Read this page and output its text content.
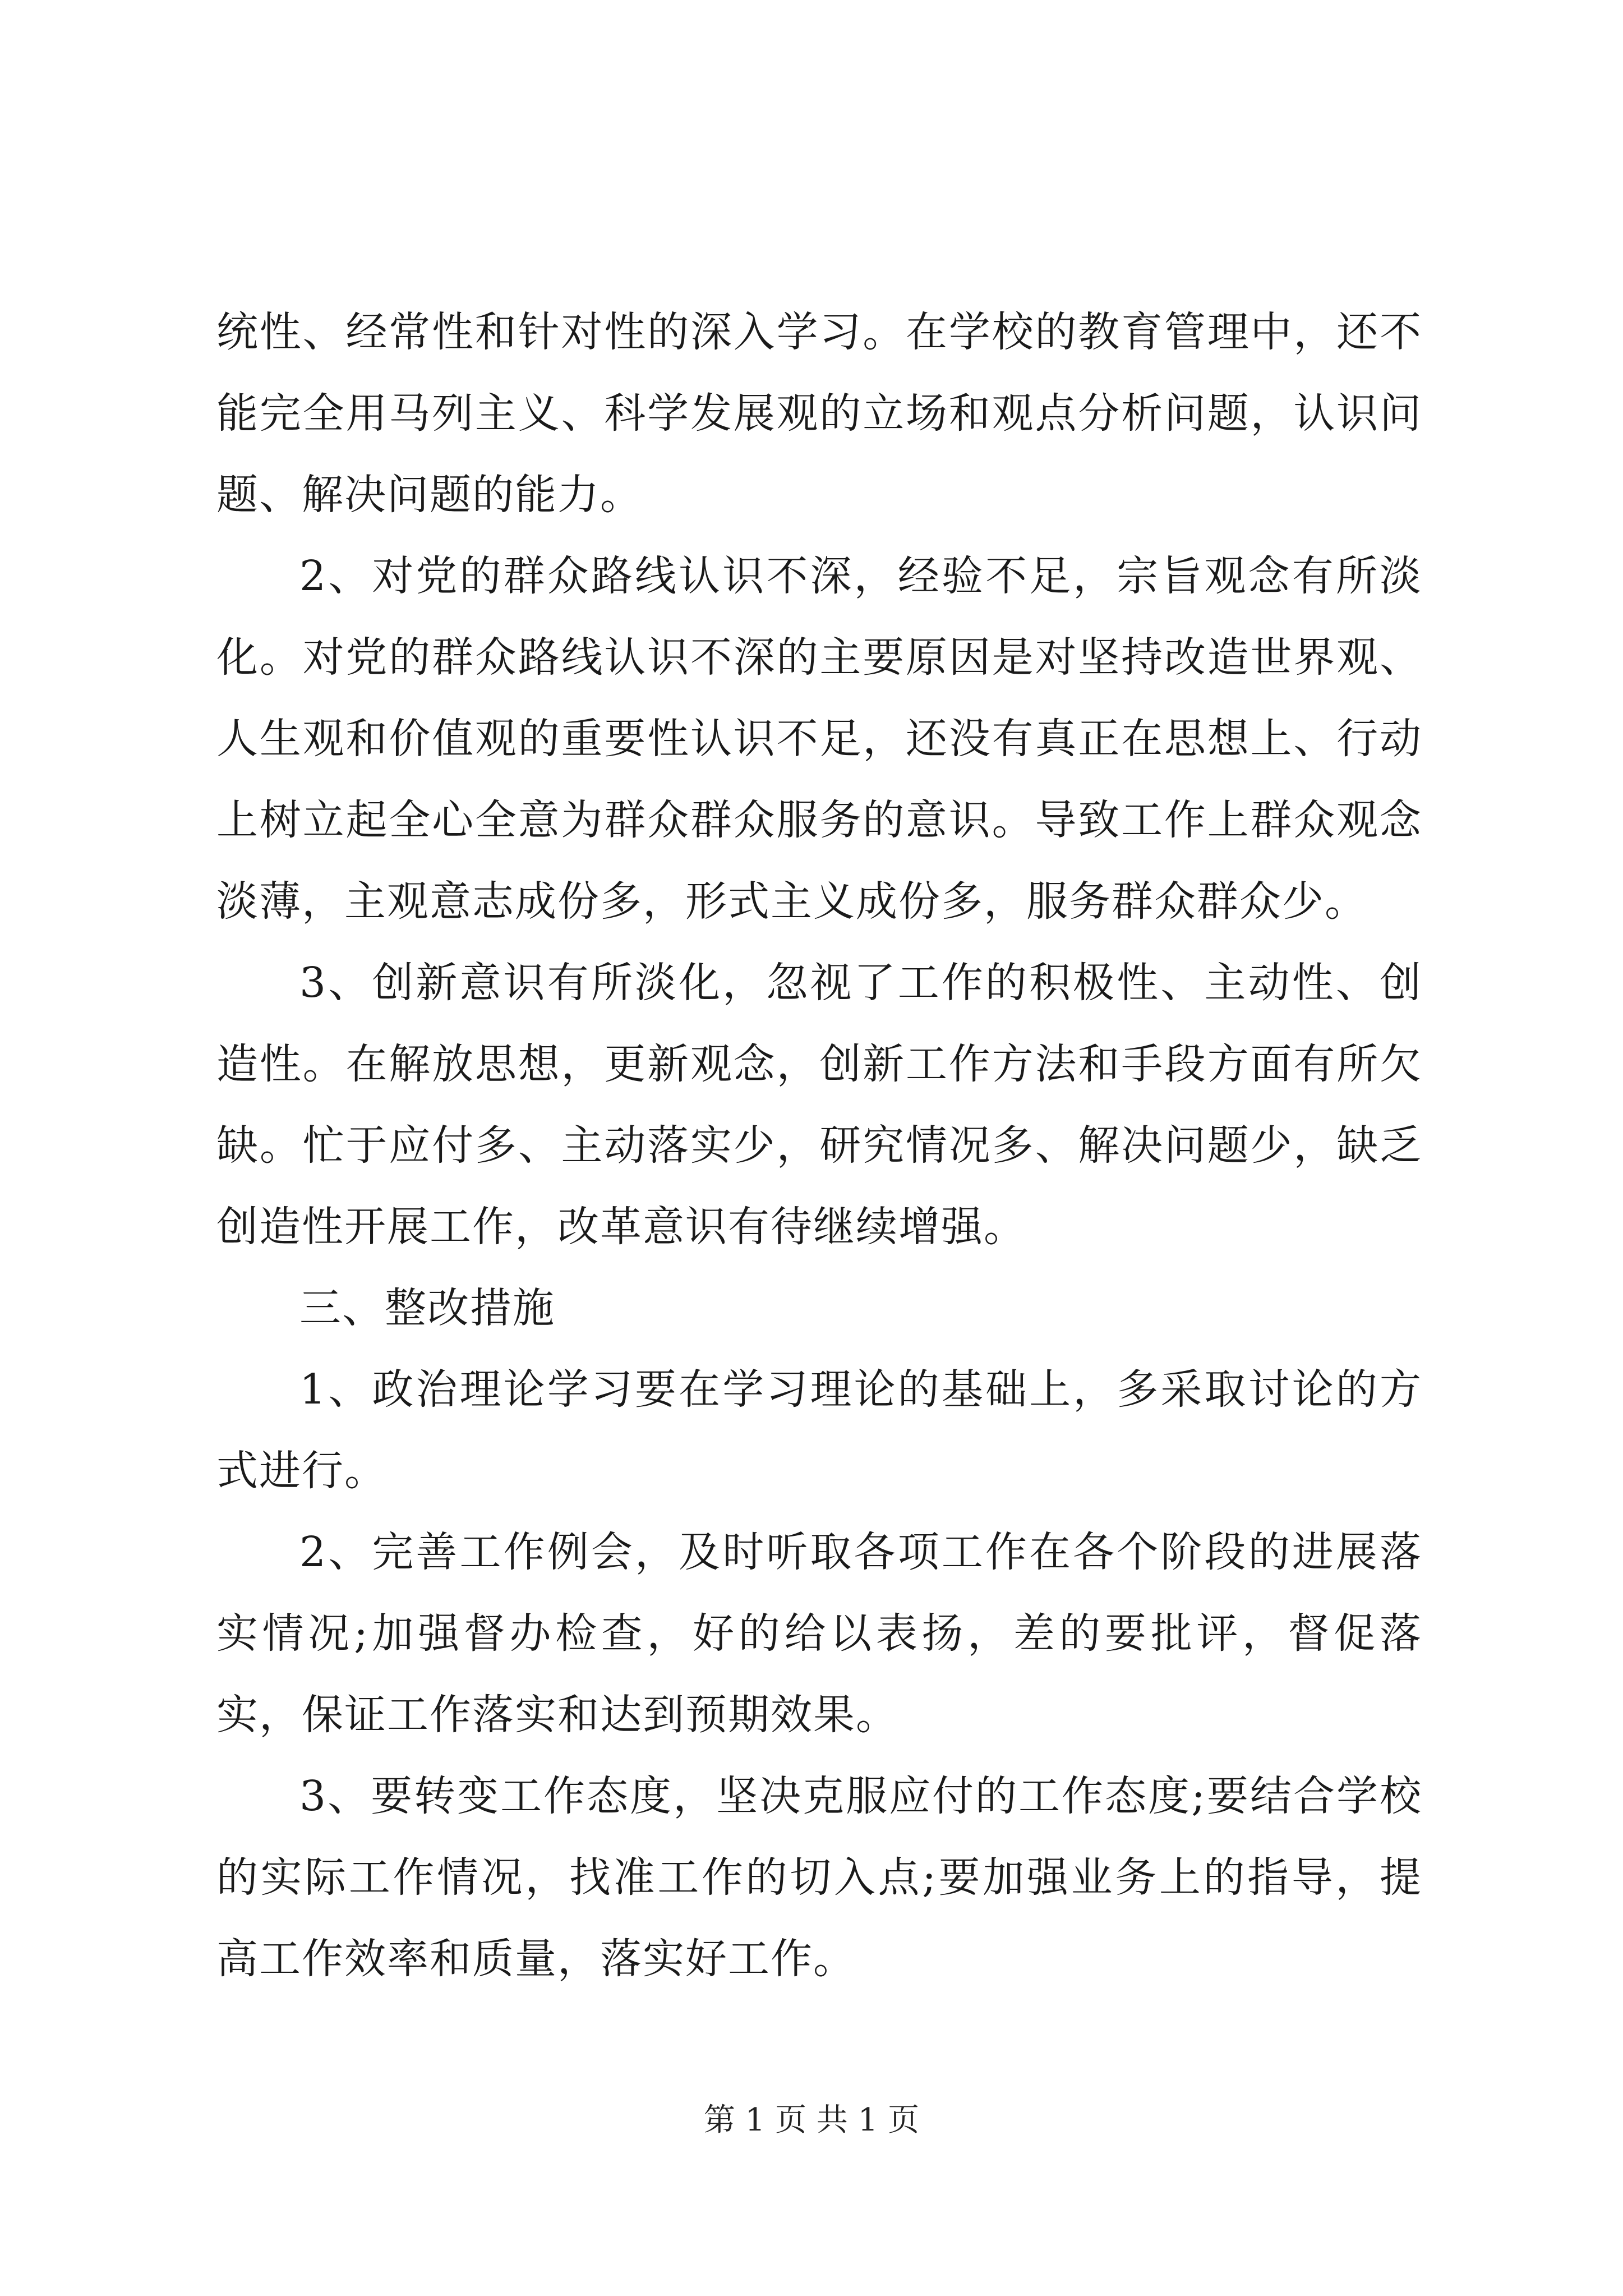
统性、经常性和针对性的深入学习。在学校的教育管理中，还不能完全用马列主义、科学发展观的立场和观点分析问题，认识问题、解决问题的能力。

2、对党的群众路线认识不深，经验不足，宗旨观念有所淡化。对党的群众路线认识不深的主要原因是对坚持改造世界观、人生观和价值观的重要性认识不足，还没有真正在思想上、行动上树立起全心全意为群众群众服务的意识。导致工作上群众观念淡薄，主观意志成份多，形式主义成份多，服务群众群众少。

3、创新意识有所淡化，忽视了工作的积极性、主动性、创造性。在解放思想，更新观念，创新工作方法和手段方面有所欠缺。忙于应付多、主动落实少，研究情况多、解决问题少，缺乏创造性开展工作，改革意识有待继续增强。

三、整改措施

1、政治理论学习要在学习理论的基础上，多采取讨论的方式进行。

2、完善工作例会，及时听取各项工作在各个阶段的进展落实情况;加强督办检查，好的给以表扬，差的要批评，督促落实，保证工作落实和达到预期效果。

3、要转变工作态度，坚决克服应付的工作态度;要结合学校的实际工作情况，找准工作的切入点;要加强业务上的指导，提高工作效率和质量，落实好工作。

第 1 页 共 1 页
